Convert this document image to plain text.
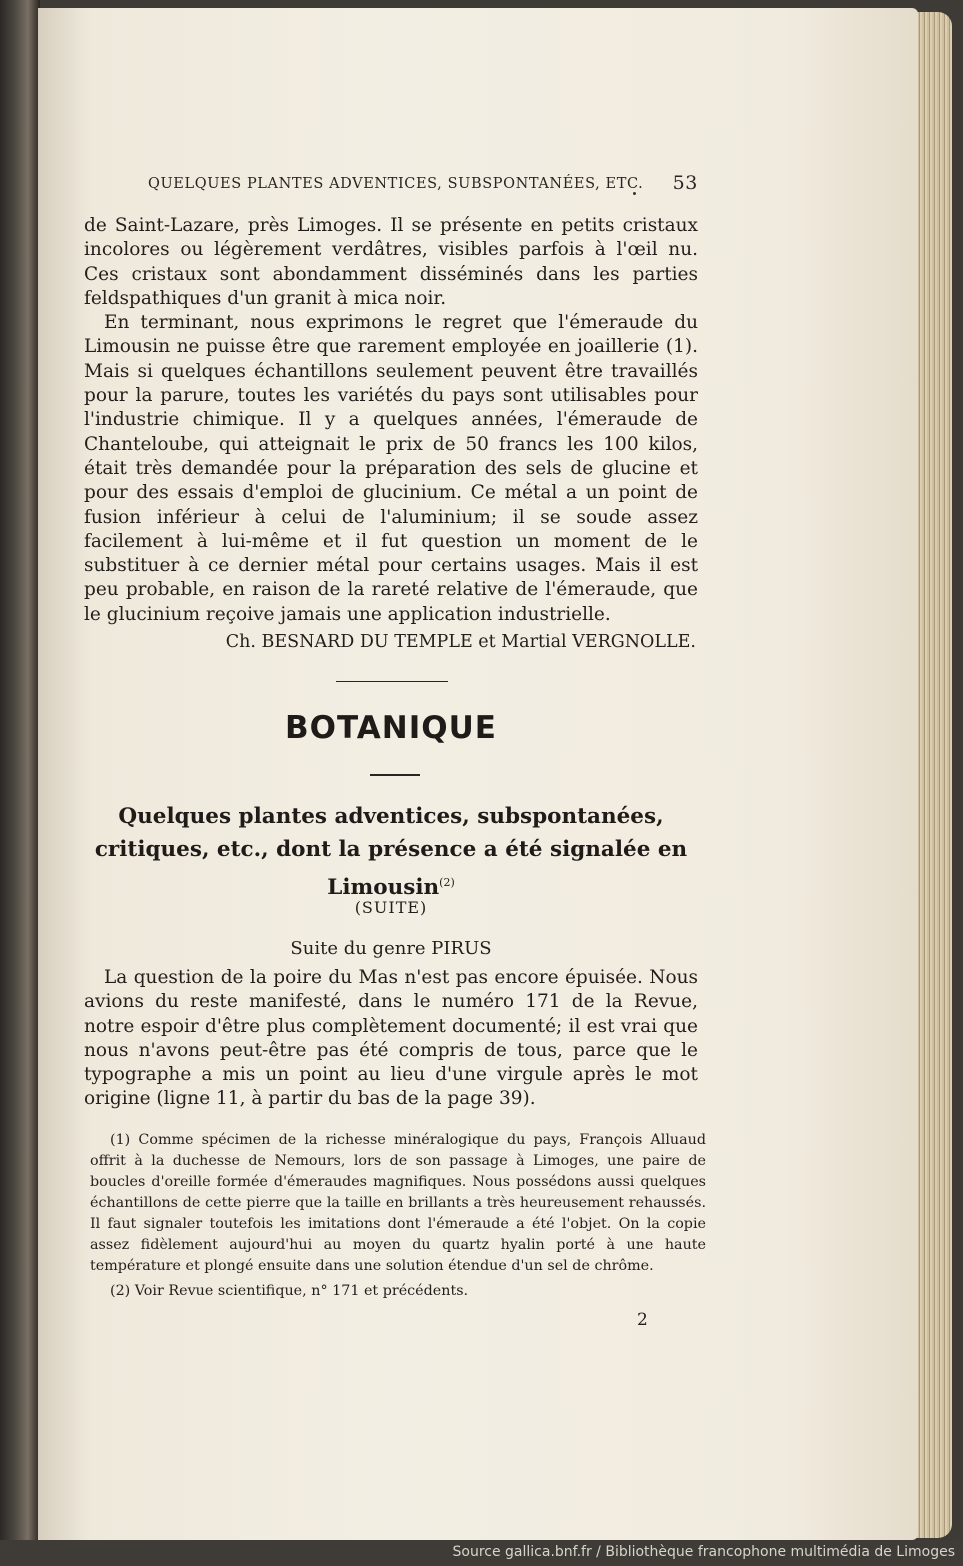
QUELQUES PLANTES ADVENTICES, SUBSPONTANÉES, ETC. 53

de Saint-Lazare, près Limoges. Il se présente en petits cristaux incolores ou légèrement verdâtres, visibles parfois à l'œil nu. Ces cristaux sont abondamment disséminés dans les parties feldspathiques d'un granit à mica noir.

En terminant, nous exprimons le regret que l'émeraude du Limousin ne puisse être que rarement employée en joaillerie (1). Mais si quelques échantillons seulement peuvent être travaillés pour la parure, toutes les variétés du pays sont utilisables pour l'industrie chimique. Il y a quelques années, l'émeraude de Chanteloube, qui atteignait le prix de 50 francs les 100 kilos, était très demandée pour la préparation des sels de glucine et pour des essais d'emploi de glucinium. Ce métal a un point de fusion inférieur à celui de l'aluminium; il se soude assez facilement à lui-même et il fut question un moment de le substituer à ce dernier métal pour certains usages. Mais il est peu probable, en raison de la rareté relative de l'émeraude, que le glucinium reçoive jamais une application industrielle.

Ch. BESNARD DU TEMPLE et Martial VERGNOLLE.
BOTANIQUE
Quelques plantes adventices, subspontanées, critiques, etc., dont la présence a été signalée en Limousin$^{(2)}$
(SUITE)
Suite du genre PIRUS

La question de la poire du Mas n'est pas encore épuisée. Nous avions du reste manifesté, dans le numéro 171 de la Revue, notre espoir d'être plus complètement documenté; il est vrai que nous n'avons peut-être pas été compris de tous, parce que le typographe a mis un point au lieu d'une virgule après le mot origine (ligne 11, à partir du bas de la page 39).

(1) Comme spécimen de la richesse minéralogique du pays, François Alluaud offrit à la duchesse de Nemours, lors de son passage à Limoges, une paire de boucles d'oreille formée d'émeraudes magnifiques. Nous possédons aussi quelques échantillons de cette pierre que la taille en brillants a très heureusement rehaussés. Il faut signaler toutefois les imitations dont l'émeraude a été l'objet. On la copie assez fidèlement aujourd'hui au moyen du quartz hyalin porté à une haute température et plongé ensuite dans une solution étendue d'un sel de chrôme.

(2) Voir Revue scientifique, n° 171 et précédents.

2
Source gallica.bnf.fr / Bibliothèque francophone multimédia de Limoges
